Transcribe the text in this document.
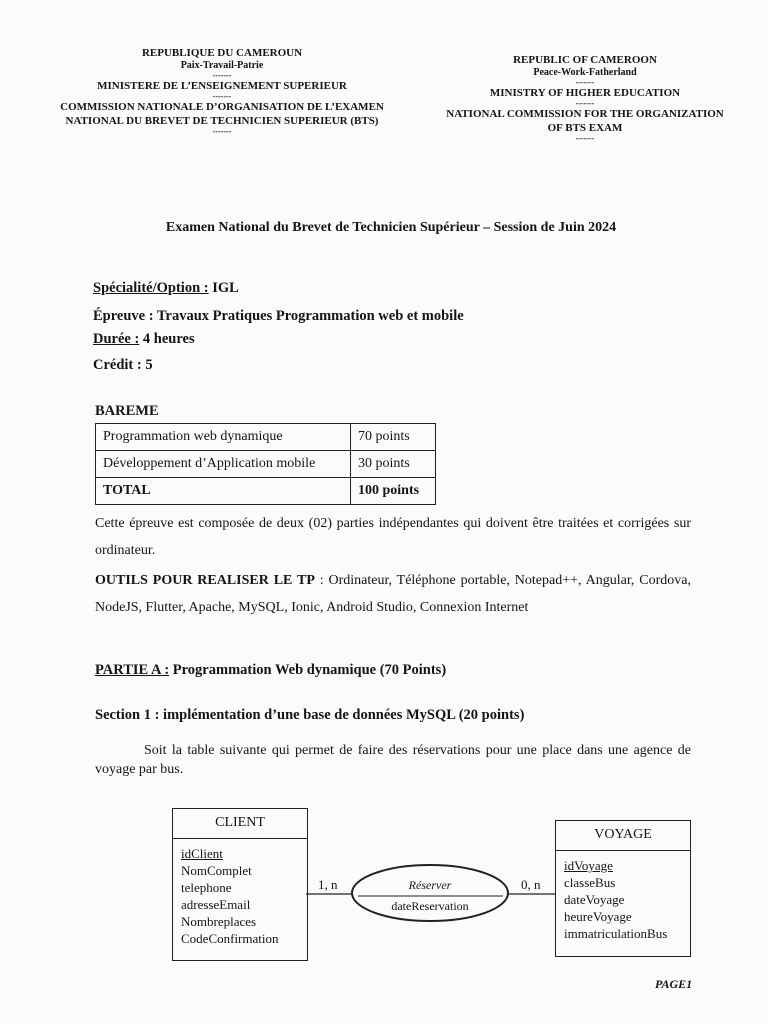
REPUBLIQUE DU CAMEROUN
Paix-Travail-Patrie
-------
MINISTERE DE L’ENSEIGNEMENT SUPERIEUR
-------
COMMISSION NATIONALE D’ORGANISATION DE L’EXAMEN
NATIONAL DU BREVET DE TECHNICIEN SUPERIEUR (BTS)
-------
REPUBLIC OF CAMEROON
Peace-Work-Fatherland
-------
MINISTRY OF HIGHER EDUCATION
-------
NATIONAL COMMISSION FOR THE ORGANIZATION
OF BTS EXAM
-------
Examen National du Brevet de Technicien Supérieur – Session de Juin 2024
Spécialité/Option : IGL
Épreuve : Travaux Pratiques Programmation web et mobile
Durée : 4 heures
Crédit : 5
BAREME
Programmation web dynamique	70 points
Développement d’Application mobile	30 points
TOTAL	100 points
Cette épreuve est composée de deux (02) parties indépendantes qui doivent être traitées et corrigées sur ordinateur.
OUTILS POUR REALISER LE TP : Ordinateur, Téléphone portable, Notepad++, Angular, Cordova, NodeJS, Flutter, Apache, MySQL, Ionic, Android Studio, Connexion Internet
PARTIE A : Programmation Web dynamique (70 Points)
Section 1 : implémentation d’une base de données MySQL (20 points)
Soit la table suivante qui permet de faire des réservations pour une place dans une agence de voyage par bus.
CLIENT
idClient
NomComplet
telephone
adresseEmail
Nombreplaces
CodeConfirmation
VOYAGE
idVoyage
classeBus
dateVoyage
heureVoyage
immatriculationBus
Réserver
dateReservation
1, n	0, n
PAGE1
